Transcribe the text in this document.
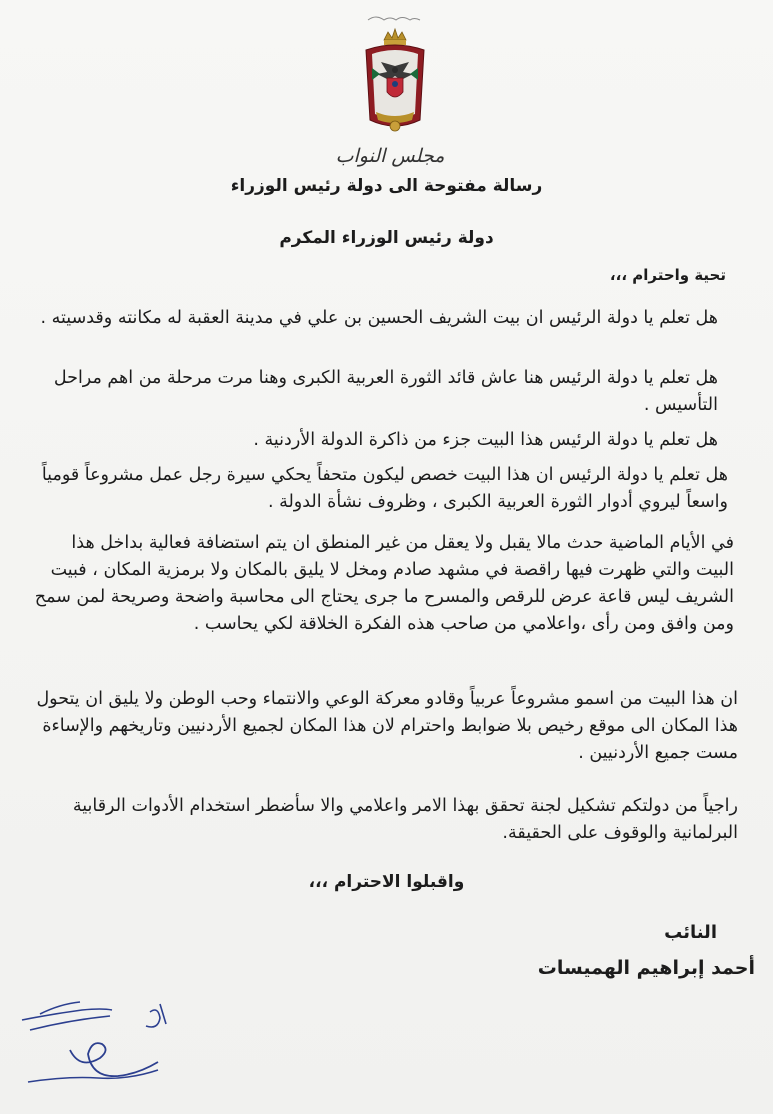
مجلس النواب
رسالة مفتوحة الى دولة رئيس الوزراء
دولة رئيس الوزراء المكرم

تحية واحترام ،،،

هل تعلم يا دولة الرئيس ان بيت الشريف الحسين بن علي في مدينة العقبة له مكانته وقدسيته .

هل تعلم يا دولة الرئيس هنا عاش قائد الثورة العربية الكبرى وهنا مرت مرحلة من اهم مراحل التأسيس .

هل تعلم يا دولة الرئيس هذا البيت جزء من ذاكرة الدولة الأردنية .

هل تعلم يا دولة الرئيس ان هذا البيت خصص ليكون متحفاً يحكي سيرة رجل عمل مشروعاً قومياً واسعاً ليروي أدوار الثورة العربية الكبرى ، وظروف نشأة الدولة .

في الأيام الماضية حدث مالا يقبل ولا يعقل من غير المنطق ان يتم استضافة فعالية بداخل هذا البيت والتي ظهرت فيها راقصة في مشهد صادم ومخل لا يليق بالمكان ولا برمزية المكان ، فبيت الشريف ليس قاعة عرض للرقص والمسرح ما جرى يحتاج الى محاسبة واضحة وصريحة لمن سمح ومن وافق ومن رأى ،واعلامي من صاحب هذه الفكرة الخلاقة لكي يحاسب .

ان هذا البيت من اسمو مشروعاً عربياً وقادو معركة الوعي والانتماء وحب الوطن ولا يليق ان يتحول هذا المكان الى موقع رخيص بلا ضوابط واحترام لان هذا المكان لجميع الأردنيين وتاريخهم والإساءة مست جميع الأردنيين .

راجياً من دولتكم تشكيل لجنة تحقق بهذا الامر واعلامي والا سأضطر استخدام الأدوات الرقابية البرلمانية والوقوف على الحقيقة.

واقبلوا الاحترام ،،،
النائب
أحمد إبراهيم الهميسات
